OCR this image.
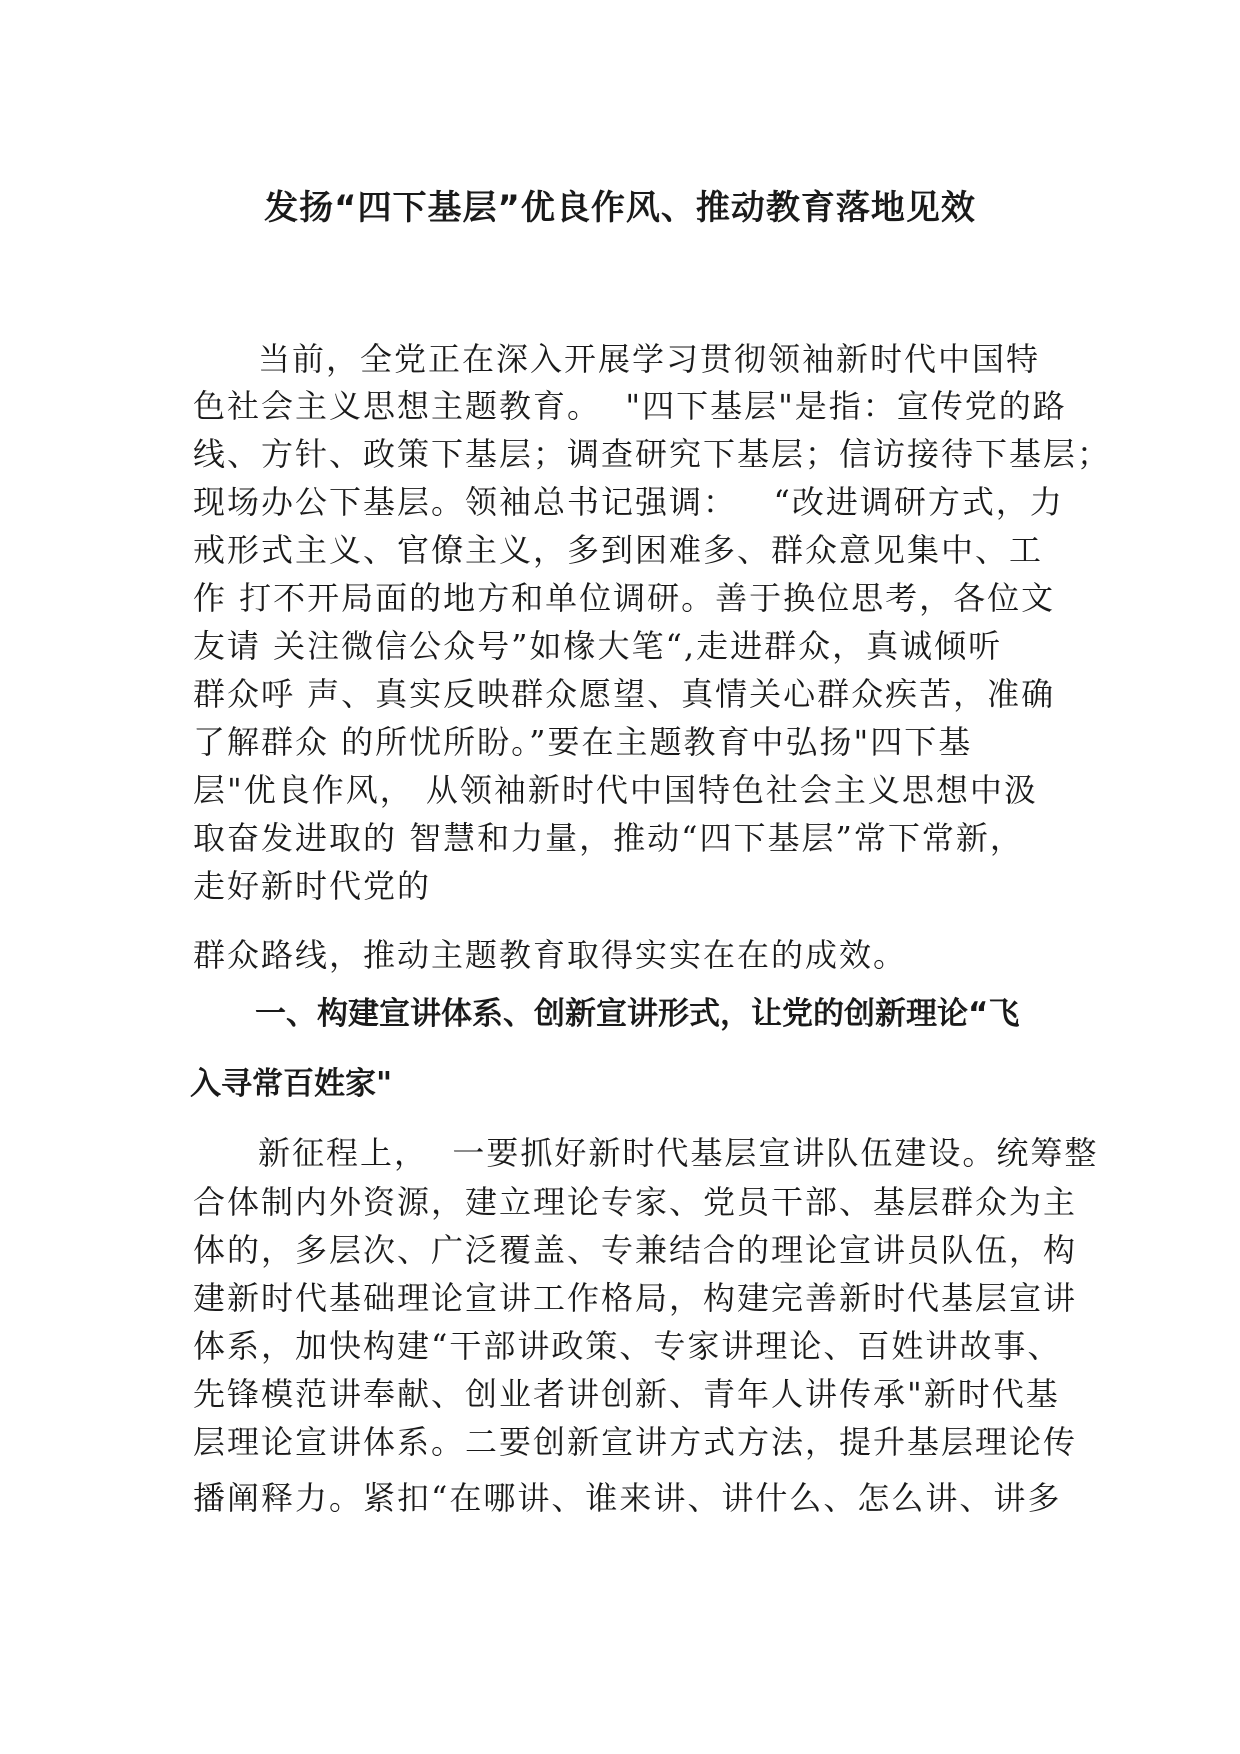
发扬“四下基层”优良作风、推动教育落地见效
当前，全党正在深入开展学习贯彻领袖新时代中国特
色社会主义思想主题教育。  "四下基层"是指：宣传党的路
线、方针、政策下基层；调查研究下基层；信访接待下基层；
现场办公下基层。领袖总书记强调：   “改进调研方式，力
戒形式主义、官僚主义，多到困难多、群众意见集中、工
作 打不开局面的地方和单位调研。善于换位思考，各位文
友请 关注微信公众号”如椽大笔“,走进群众，真诚倾听
群众呼 声、真实反映群众愿望、真情关心群众疾苦，准确
了解群众 的所忧所盼。”要在主题教育中弘扬"四下基
层"优良作风， 从领袖新时代中国特色社会主义思想中汲
取奋发进取的 智慧和力量，推动“四下基层”常下常新，
走好新时代党的
群众路线，推动主题教育取得实实在在的成效。
一、构建宣讲体系、创新宣讲形式，让党的创新理论“飞
入寻常百姓家"
新征程上，  一要抓好新时代基层宣讲队伍建设。统筹整
合体制内外资源，建立理论专家、党员干部、基层群众为主
体的，多层次、广泛覆盖、专兼结合的理论宣讲员队伍，构
建新时代基础理论宣讲工作格局，构建完善新时代基层宣讲
体系，加快构建“干部讲政策、专家讲理论、百姓讲故事、
先锋模范讲奉献、创业者讲创新、青年人讲传承"新时代基
层理论宣讲体系。二要创新宣讲方式方法，提升基层理论传
播阐释力。紧扣“在哪讲、谁来讲、讲什么、怎么讲、讲多
